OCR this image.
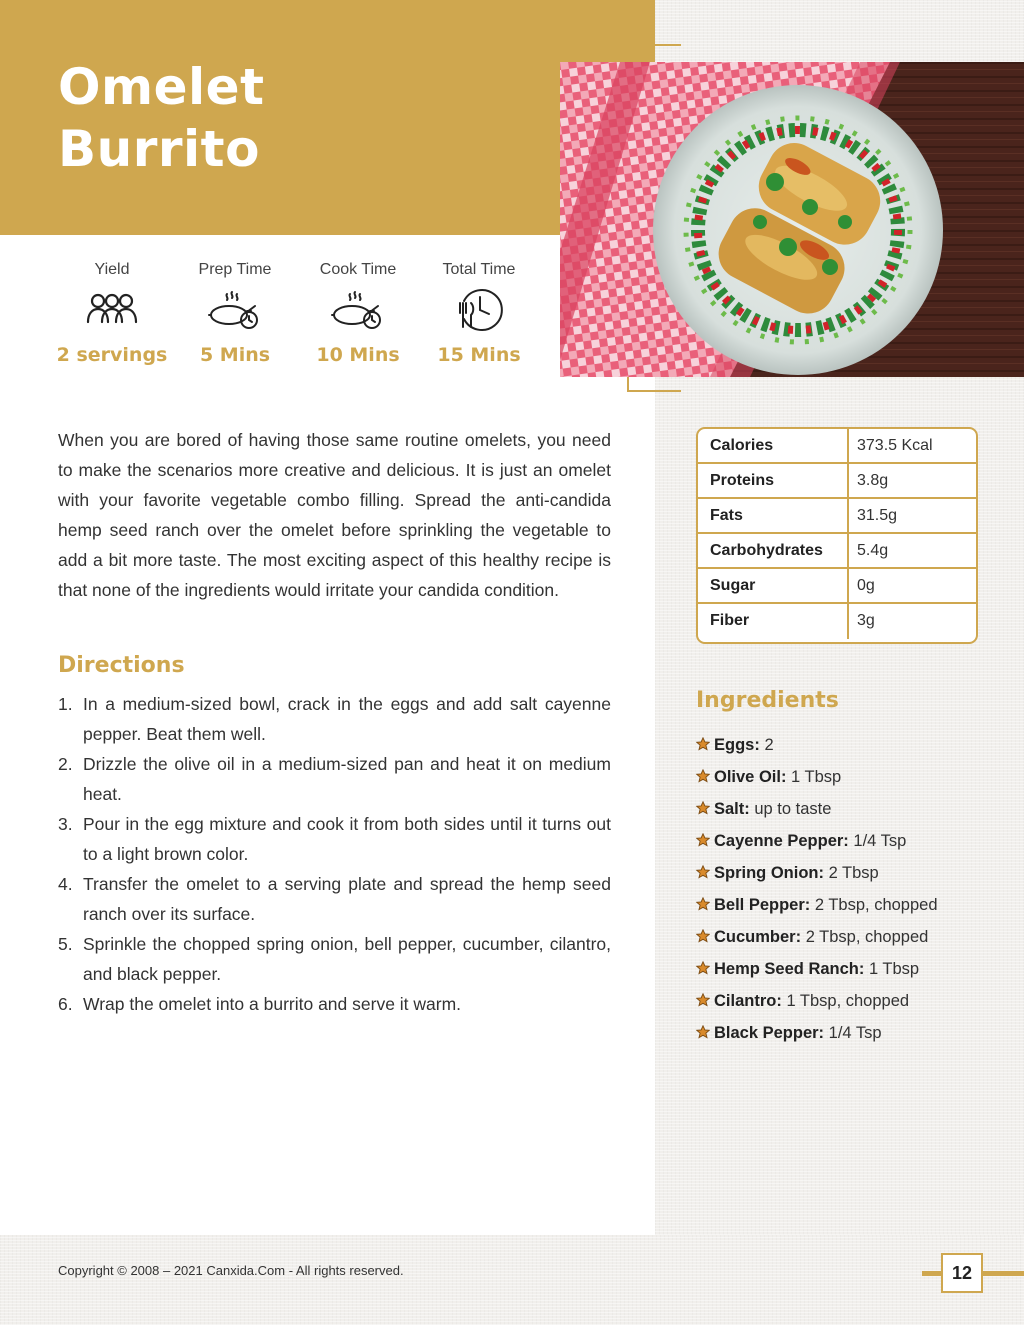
Omelet
Burrito
Yield
2 servings
Prep Time
5 Mins
Cook Time
10 Mins
Total Time
15 Mins

When you are bored of having those same routine omelets, you need to make the scenarios more creative and delicious. It is just an omelet with your favorite vegetable combo filling. Spread the anti-candida hemp seed ranch over the omelet before sprinkling the vegetable to add a bit more taste. The most exciting aspect of this healthy recipe is that none of the ingredients would irritate your candida condition.

Directions
1. In a medium-sized bowl, crack in the eggs and add salt cayenne pepper. Beat them well.
2. Drizzle the olive oil in a medium-sized pan and heat it on medium heat.
3. Pour in the egg mixture and cook it from both sides until it turns out to a light brown color.
4. Transfer the omelet to a serving plate and spread the hemp seed ranch over its surface.
5. Sprinkle the chopped spring onion, bell pepper, cucumber, cilantro, and black pepper.
6. Wrap the omelet into a burrito and serve it warm.
Calories	373.5 Kcal
Proteins	3.8g
Fats	31.5g
Carbohydrates	5.4g
Sugar	0g
Fiber	3g
Ingredients
Eggs: 2
Olive Oil: 1 Tbsp
Salt: up to taste
Cayenne Pepper: 1/4 Tsp
Spring Onion: 2 Tbsp
Bell Pepper: 2 Tbsp, chopped
Cucumber: 2 Tbsp, chopped
Hemp Seed Ranch: 1 Tbsp
Cilantro: 1 Tbsp, chopped
Black Pepper: 1/4 Tsp
Copyright © 2008 – 2021 Canxida.Com - All rights reserved.	12
